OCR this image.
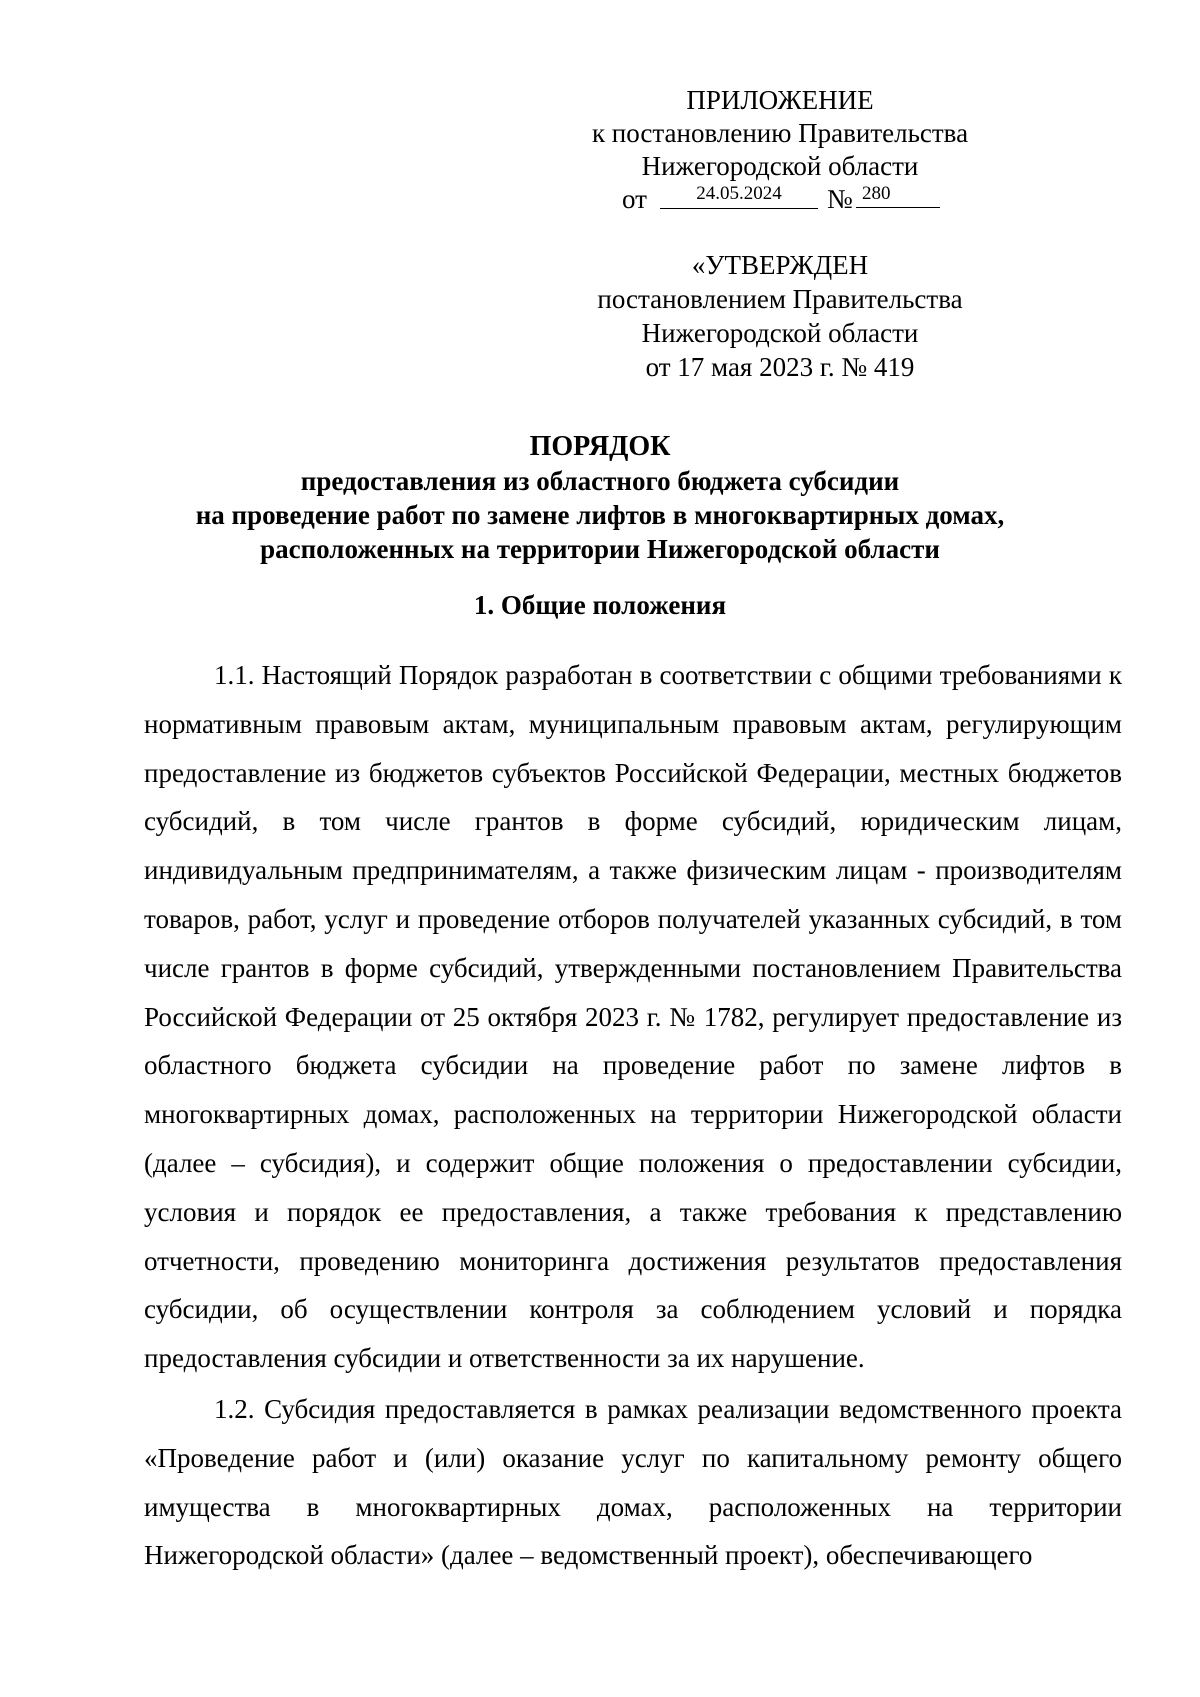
ПРИЛОЖЕНИЕ
к постановлению Правительства
Нижегородской области
от	24.05.2024	№ 280
«УТВЕРЖДЕН
постановлением Правительства
Нижегородской области
от 17 мая 2023 г. № 419
ПОРЯДОК
предоставления из областного бюджета субсидии
на проведение работ по замене лифтов в многоквартирных домах,
расположенных на территории Нижегородской области
1. Общие положения

1.1. Настоящий Порядок разработан в соответствии с общими требованиями к нормативным правовым актам, муниципальным правовым актам, регулирующим предоставление из бюджетов субъектов Российской Федерации, местных бюджетов субсидий, в том числе грантов в форме субсидий, юридическим лицам, индивидуальным предпринимателям, а также физическим лицам - производителям товаров, работ, услуг и проведение отборов получателей указанных субсидий, в том числе грантов в форме субсидий, утвержденными постановлением Правительства Российской Федерации от 25 октября 2023 г. № 1782, регулирует предоставление из областного бюджета субсидии на проведение работ по замене лифтов в многоквартирных домах, расположенных на территории Нижегородской области (далее – субсидия), и содержит общие положения о предоставлении субсидии, условия и порядок ее предоставления, а также требования к представлению отчетности, проведению мониторинга достижения результатов предоставления субсидии, об осуществлении контроля за соблюдением условий и порядка предоставления субсидии и ответственности за их нарушение.

1.2. Субсидия предоставляется в рамках реализации ведомственного проекта «Проведение работ и (или) оказание услуг по капитальному ремонту общего имущества в многоквартирных домах, расположенных на территории Нижегородской области» (далее – ведомственный проект), обеспечивающего
